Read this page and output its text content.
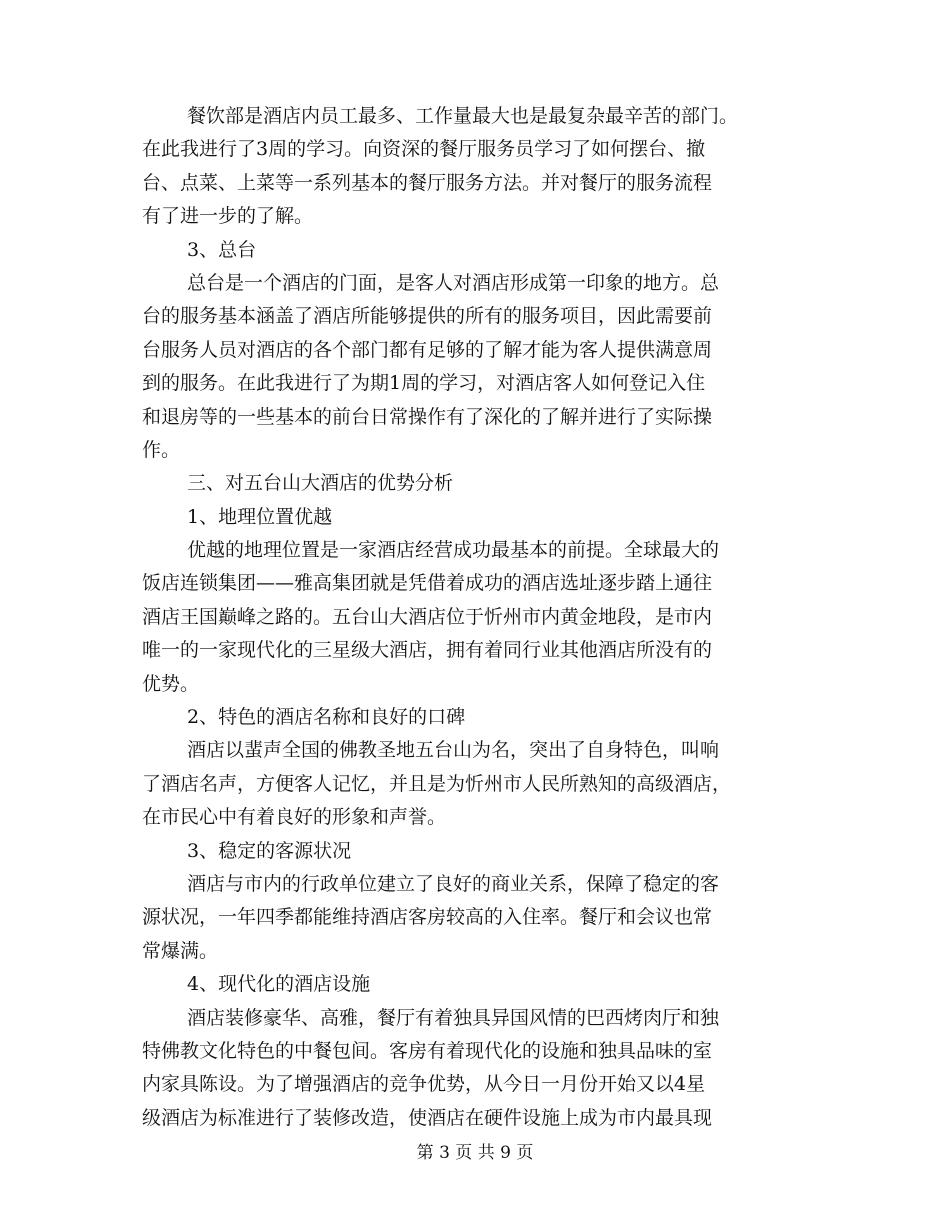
餐饮部是酒店内员工最多、工作量最大也是最复杂最辛苦的部门。
在此我进行了3周的学习。向资深的餐厅服务员学习了如何摆台、撤
台、点菜、上菜等一系列基本的餐厅服务方法。并对餐厅的服务流程
有了进一步的了解。
3、总台
总台是一个酒店的门面，是客人对酒店形成第一印象的地方。总
台的服务基本涵盖了酒店所能够提供的所有的服务项目，因此需要前
台服务人员对酒店的各个部门都有足够的了解才能为客人提供满意周
到的服务。在此我进行了为期1周的学习，对酒店客人如何登记入住
和退房等的一些基本的前台日常操作有了深化的了解并进行了实际操
作。
三、对五台山大酒店的优势分析
1、地理位置优越
优越的地理位置是一家酒店经营成功最基本的前提。全球最大的
饭店连锁集团——雅高集团就是凭借着成功的酒店选址逐步踏上通往
酒店王国巅峰之路的。五台山大酒店位于忻州市内黄金地段，是市内
唯一的一家现代化的三星级大酒店，拥有着同行业其他酒店所没有的
优势。
2、特色的酒店名称和良好的口碑
酒店以蜚声全国的佛教圣地五台山为名，突出了自身特色，叫响
了酒店名声，方便客人记忆，并且是为忻州市人民所熟知的高级酒店，
在市民心中有着良好的形象和声誉。
3、稳定的客源状况
酒店与市内的行政单位建立了良好的商业关系，保障了稳定的客
源状况，一年四季都能维持酒店客房较高的入住率。餐厅和会议也常
常爆满。
4、现代化的酒店设施
酒店装修豪华、高雅，餐厅有着独具异国风情的巴西烤肉厅和独
特佛教文化特色的中餐包间。客房有着现代化的设施和独具品味的室
内家具陈设。为了增强酒店的竞争优势，从今日一月份开始又以4星
级酒店为标准进行了装修改造，使酒店在硬件设施上成为市内最具现
第 3 页 共 9 页
